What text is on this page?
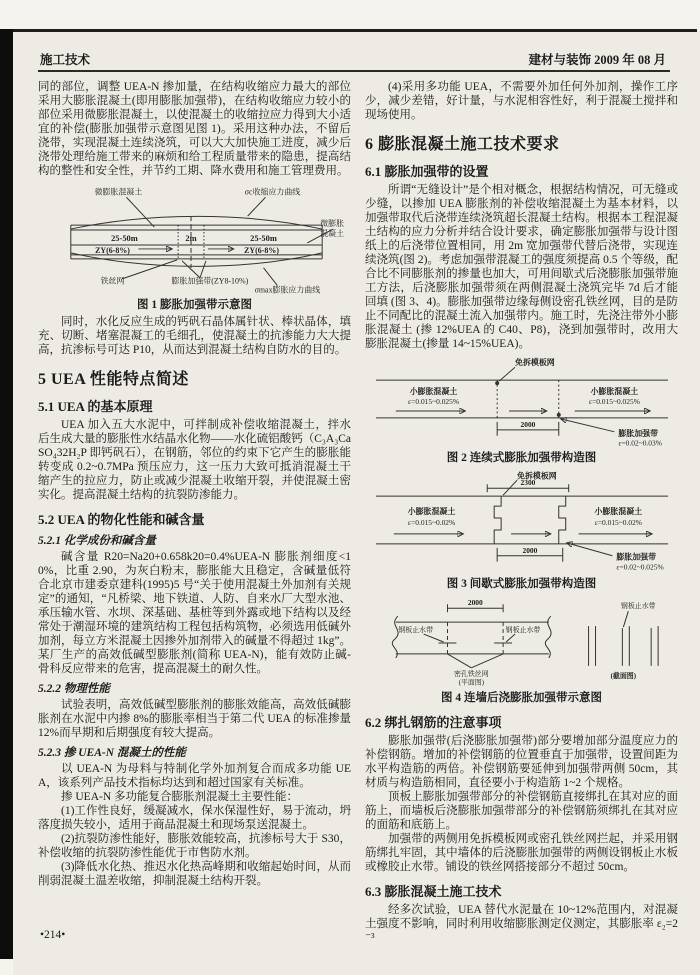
施工技术	建材与装饰 2009 年 08 月

同的部位，调整 UEA-N 掺加量，在结构收缩应力最大的部位采用大膨胀混凝土(即用膨胀加强带)，在结构收缩应力较小的部位采用微膨胀混凝土，以使混凝土的收缩拉应力得到大小适宜的补偿(膨胀加强带示意图见图 1)。采用这种办法，不留后浇带，实现混凝土连续浇筑，可以大大加快施工进度，减少后浇带处理给施工带来的麻烦和给工程质量带来的隐患，提高结构的整性和安全性，并节约工期、降水费用和施工管理费用。

25-50m
ZY(6-8%)
2m	25-50m
ZY(6-8%)
微膨胀混凝土	σc收缩应力曲线
微膨胀
混凝土
铁丝网	膨胀加强带(ZY8-10%)
σmax膨胀应力曲线
图 1 膨胀加强带示意图

同时，水化反应生成的钙矾石晶体属针状、棒状晶体，填充、切断、堵塞混凝工的毛细孔，使混凝土的抗渗能力大大提高，抗渗标号可达 P10，从而达到混凝土结构自防水的目的。

5 UEA 性能特点简述
5.1 UEA 的基本原理

UEA 加入五大水泥中，可拌制成补偿收缩混凝土，拌水后生成大量的膨胀性水结晶水化物——水化硫铝酸钙（C₃A₃CaSO₄32H₂P 即钙矾石），在钢筋，邻位的约束下它产生的膨胀能转变成 0.2~0.7MPa 预压应力，这一压力大致可抵消混凝土干缩产生的拉应力，防止或减少混凝土收缩开裂，并使混凝土密实化。提高混凝土结构的抗裂防渗能力。

5.2 UEA 的物化性能和碱含量
5.2.1 化学成份和碱含量

碱含量 R20=Na20+0.658k20=0.4%UEA-N 膨胀剂细度<10%，比重 2.90，为灰白粉末，膨胀能大且稳定，含碱量低符合北京市建委京建科(1995)5 号“关于使用混凝土外加剂有关规定”的通知，“凡桥梁、地下铁道、人防、自来水厂大型水池、承压输水管、水坝、深基础、基桩等到外露或地下结构以及经常处于潮湿环境的建筑结构工程包括构筑物，必须选用低碱外加剂，每立方米混凝土因掺外加剂带入的碱量不得超过 1kg”。某厂生产的高效低碱型膨胀剂(简称 UEA-N)，能有效防止碱-骨科反应带来的危害，提高混凝土的耐久性。

5.2.2 物理性能

试验表明，高效低碱型膨胀剂的膨胀效能高，高效低碱膨胀剂在水泥中内掺 8%的膨胀率相当于第二代 UEA 的标准掺量 12%而早期和后期强度有较大提高。

5.2.3 掺 UEA-N 混凝土的性能

以 UEA-N 为母料与特制化学外加剂复合而成多功能 UEA，该系列产品技术指标均达到和超过国家有关标准。

掺 UEA-N 多功能复合膨胀剂混凝土主要性能：

(1)工作性良好，缓凝减水，保水保湿性好，易于流动，坍落度损失较小，适用于商品混凝土和现场泵送混凝土。

(2)抗裂防渗性能好，膨胀效能较高，抗渗标号大于 S30，补偿收缩的抗裂防渗性能优于市售防水剂。

(3)降低水化热、推迟水化热高峰期和收缩起始时间，从而削弱混凝土温差收缩，抑制混凝土结构开裂。

(4)采用多功能 UEA，不需要外加任何外加剂，操作工序少，减少差错，好计量，与水泥相容性好，利于混凝土搅拌和现场使用。

6 膨胀混凝土施工技术要求
6.1 膨胀加强带的设置

所谓“无缝设计”是个相对概念，根据结构情况，可无缝或少缝，以掺加 UEA 膨胀剂的补偿收缩混凝土为基本材料，以加强带取代后浇带连续浇筑超长混凝土结构。根据本工程混凝土结构的应力分析并结合设计要求，确定膨胀加强带与设计图纸上的后浇带位置相同，用 2m 宽加强带代替后浇带，实现连续浇筑(图 2)。考虑加强带混凝工的强度须提高 0.5 个等级，配合比不同膨胀剂的掺量也加大，可用间歇式后浇膨胀加强带施工方法，后浇膨胀加强带须在两侧混凝土浇筑完毕 7d 后才能回填 (图 3、4)。膨胀加强带边缘每侧设密孔铁丝网，目的是防止不同配比的混凝土流入加强带内。施工时，先浇注带外小膨胀混凝土 (掺 12%UEA 的 C40、P8)，浇到加强带时，改用大膨胀混凝土(掺量 14~15%UEA)。

免拆模板网
小膨胀混凝土
ε=0.015~0.025%
小膨胀混凝土
ε=0.015~0.025%
2000
膨胀加强带
ε=0.02~0.03%
图 2 连续式膨胀加强带构造图
免拆模板网
2300
小膨胀混凝土
ε=0.015~0.02%
小膨胀混凝土
ε=0.015~0.02%
2000
膨胀加强带
ε=0.02~0.025%
图 3 间歇式膨胀加强带构造图
2000
钢板止水带	钢板止水带
密孔铁丝网
(平面图)
钢板止水带
(截面图)
图 4 连墙后浇膨胀加强带示意图
6.2 绑扎钢筋的注意事项

膨胀加强带(后浇膨胀加强带)部分要增加部分温度应力的补偿钢筋。增加的补偿钢筋的位置垂直于加强带，设置间距为水平构造筋的两倍。补偿钢筋要延伸到加强带两侧 50cm，其材质与构造筋相同，直径要小于构造筋 1~2 个规格。

顶板上膨胀加强带部分的补偿钢筋直接绑扎在其对应的面筋上，而墙板后浇膨胀加强带部分的补偿钢筋须绑扎在其对应的面筋和底筋上。

加强带的两侧用免拆模板网或密孔铁丝网拦起，并采用钢筋绑扎牢固，其中墙体的后浇膨胀加强带的两侧设钢板止水板或橡胶止水带。铺设的铁丝网搭接部分不超过 50cm。

6.3 膨胀混凝土施工技术

经多次试验，UEA 替代水泥量在 10~12%范围内，对混凝土强度不影响，同时利用收缩膨胀测定仪测定，其膨胀率 ε₂=2⁻³

•214•
